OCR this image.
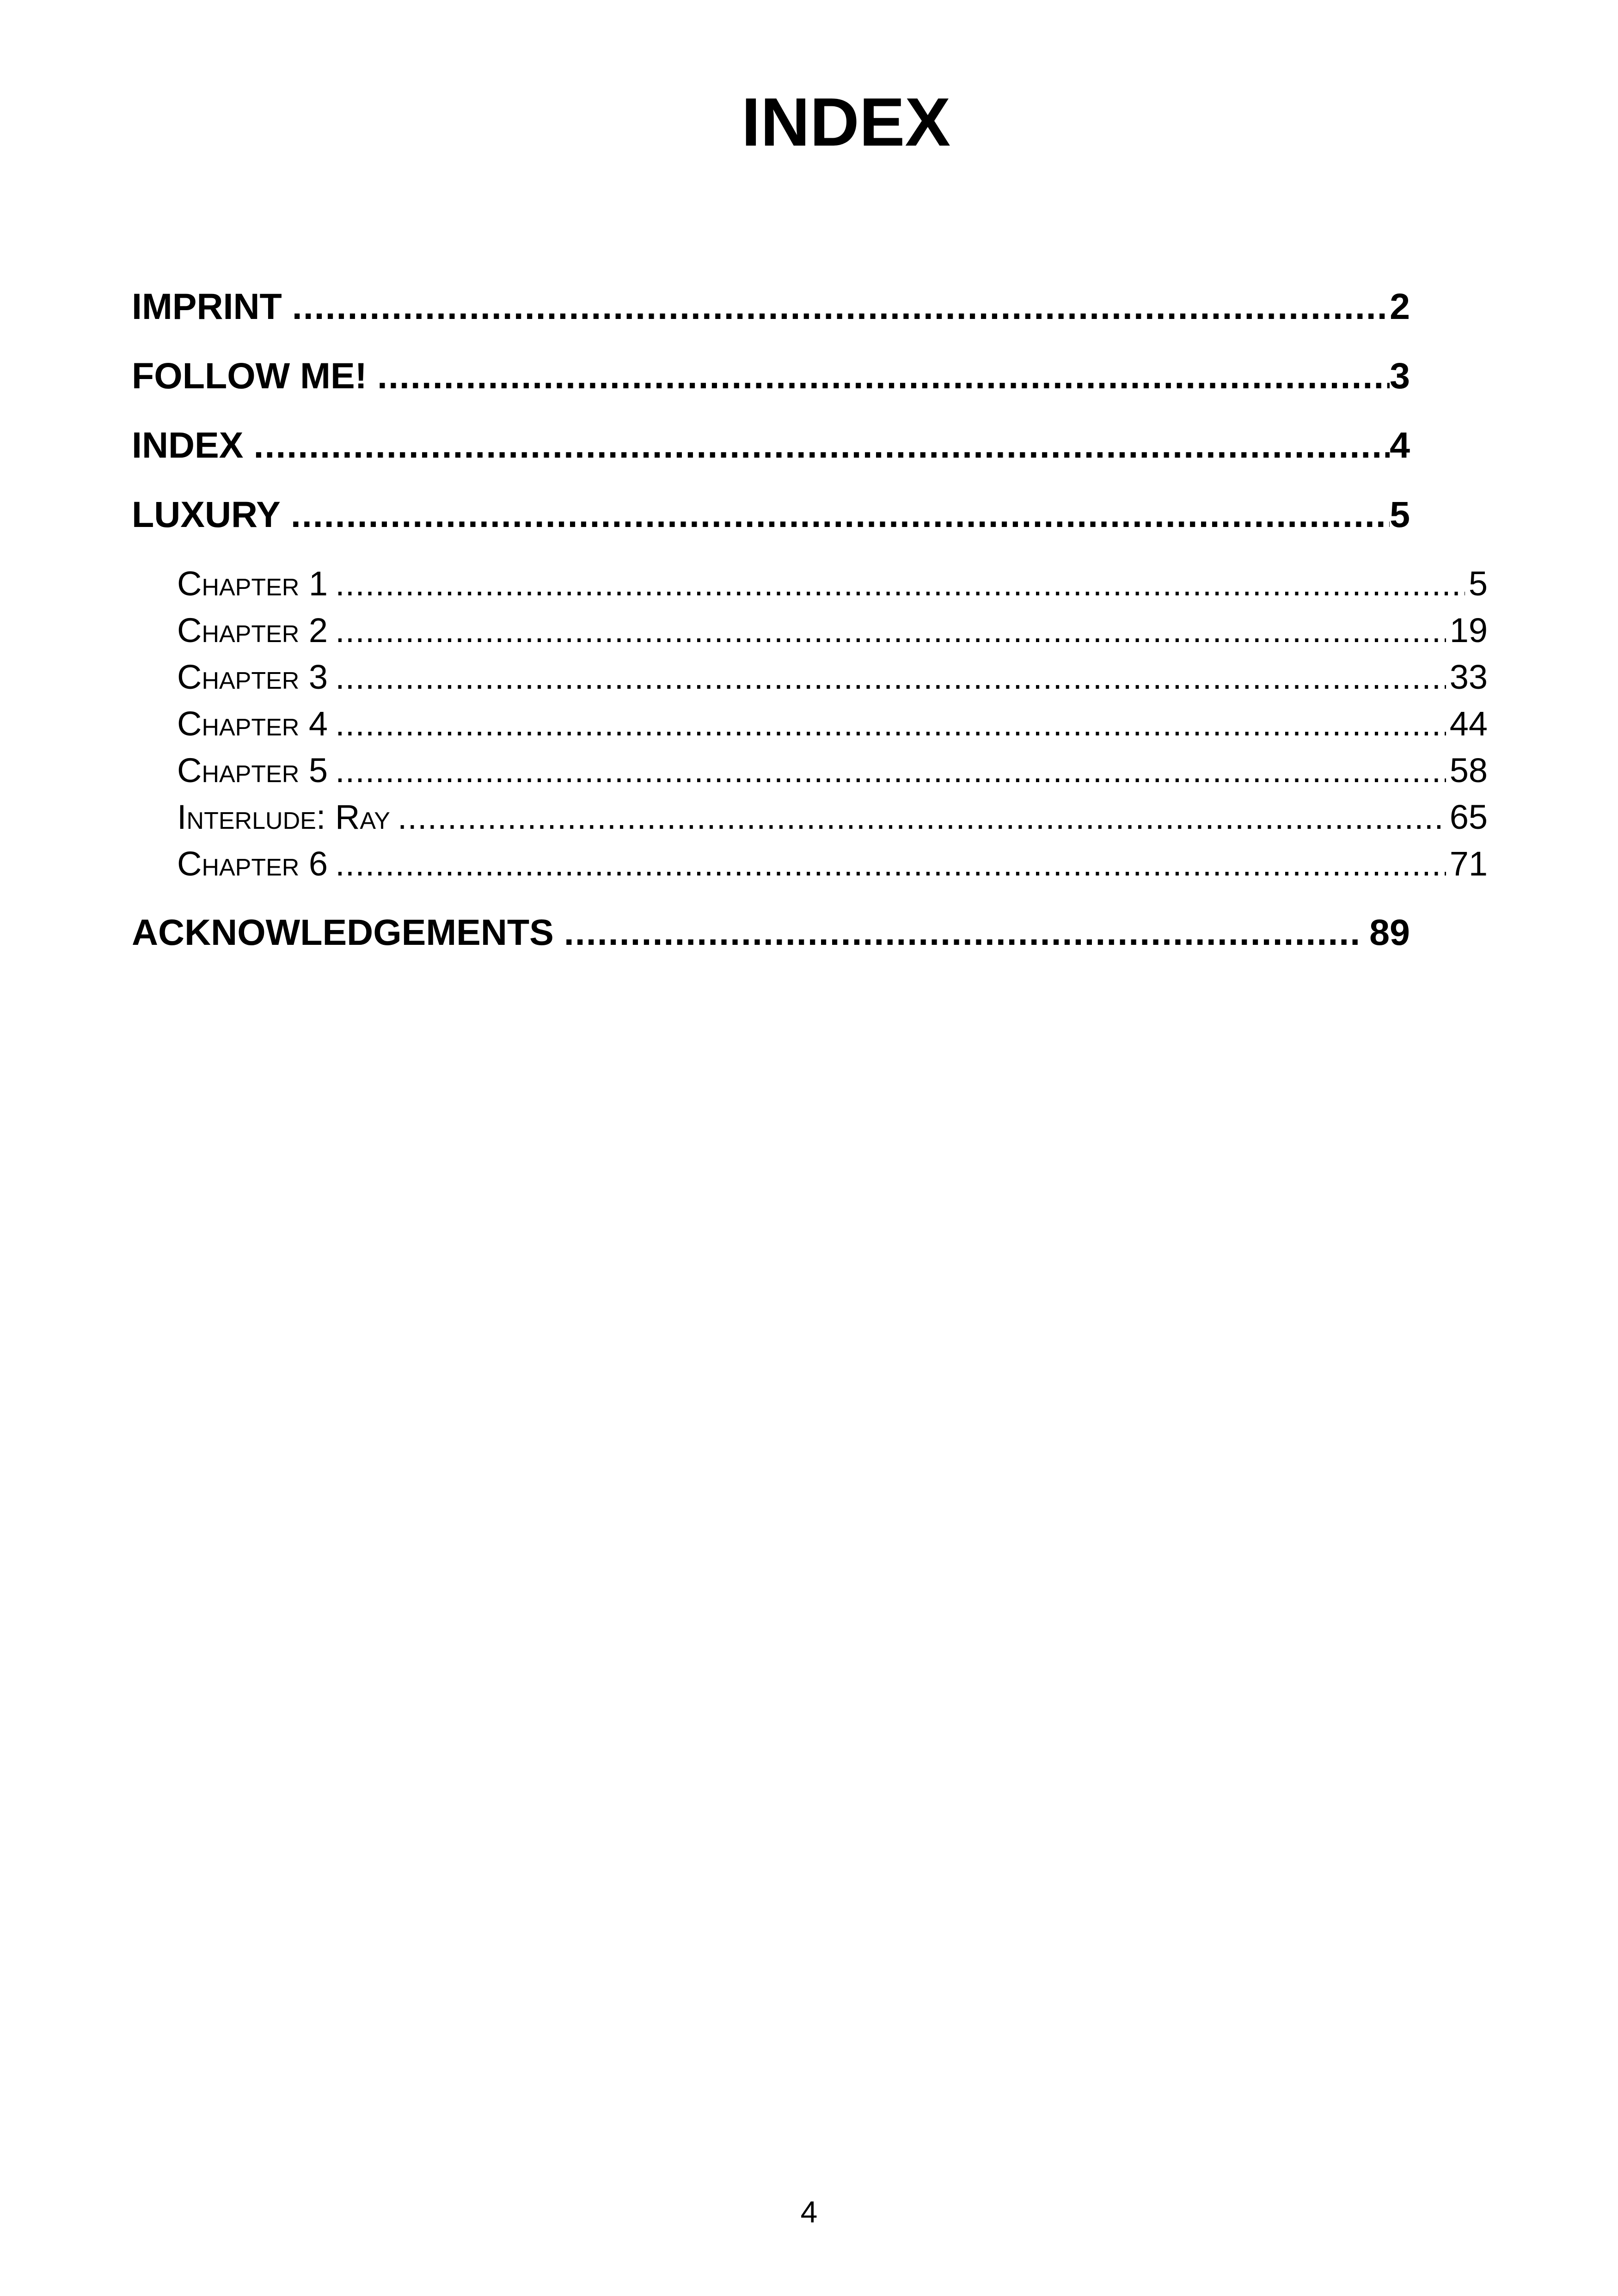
INDEX
IMPRINT .....	2
FOLLOW ME! .....	3
INDEX .....	4
LUXURY .....	5
Chapter 1 .....	5
Chapter 2 .....	19
Chapter 3 .....	33
Chapter 4 .....	44
Chapter 5 .....	58
Interlude: Ray .....	65
Chapter 6 .....	71
ACKNOWLEDGEMENTS .....	89
4
